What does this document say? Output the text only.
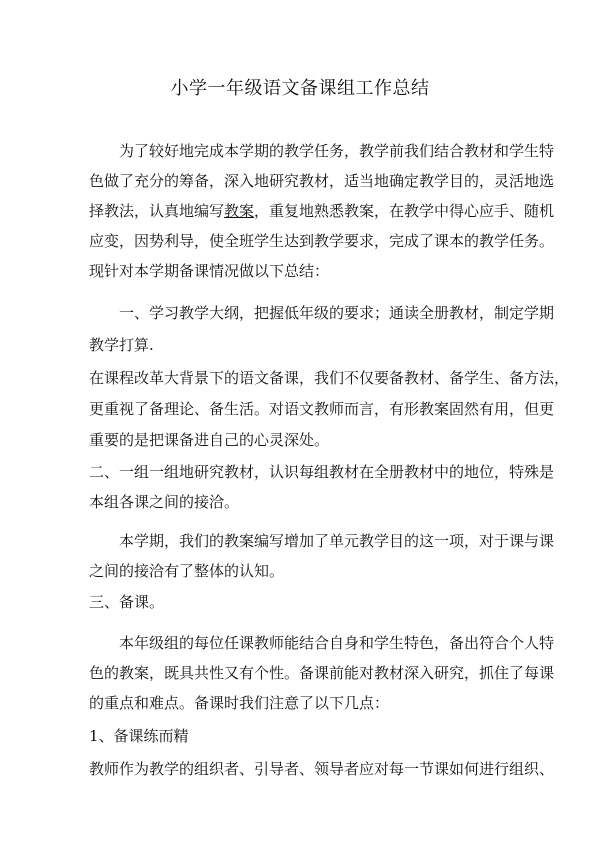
小学一年级语文备课组工作总结
为了较好地完成本学期的教学任务，教学前我们结合教材和学生特
色做了充分的筹备，深入地研究教材，适当地确定教学目的，灵活地选
择教法，认真地编写教案，重复地熟悉教案，在教学中得心应手、随机
应变，因势利导，使全班学生达到教学要求，完成了课本的教学任务。
现针对本学期备课情况做以下总结：
一、学习教学大纲，把握低年级的要求；通读全册教材，制定学期
教学打算.
在课程改革大背景下的语文备课，我们不仅要备教材、备学生、备方法，
更重视了备理论、备生活。对语文教师而言，有形教案固然有用，但更
重要的是把课备进自己的心灵深处。
二、一组一组地研究教材，认识每组教材在全册教材中的地位，特殊是
本组各课之间的接洽。
本学期，我们的教案编写增加了单元教学目的这一项，对于课与课
之间的接洽有了整体的认知。
三、备课。
本年级组的每位任课教师能结合自身和学生特色，备出符合个人特
色的教案，既具共性又有个性。备课前能对教材深入研究，抓住了每课
的重点和难点。备课时我们注意了以下几点：
1、备课练而精
教师作为教学的组织者、引导者、领导者应对每一节课如何进行组织、
